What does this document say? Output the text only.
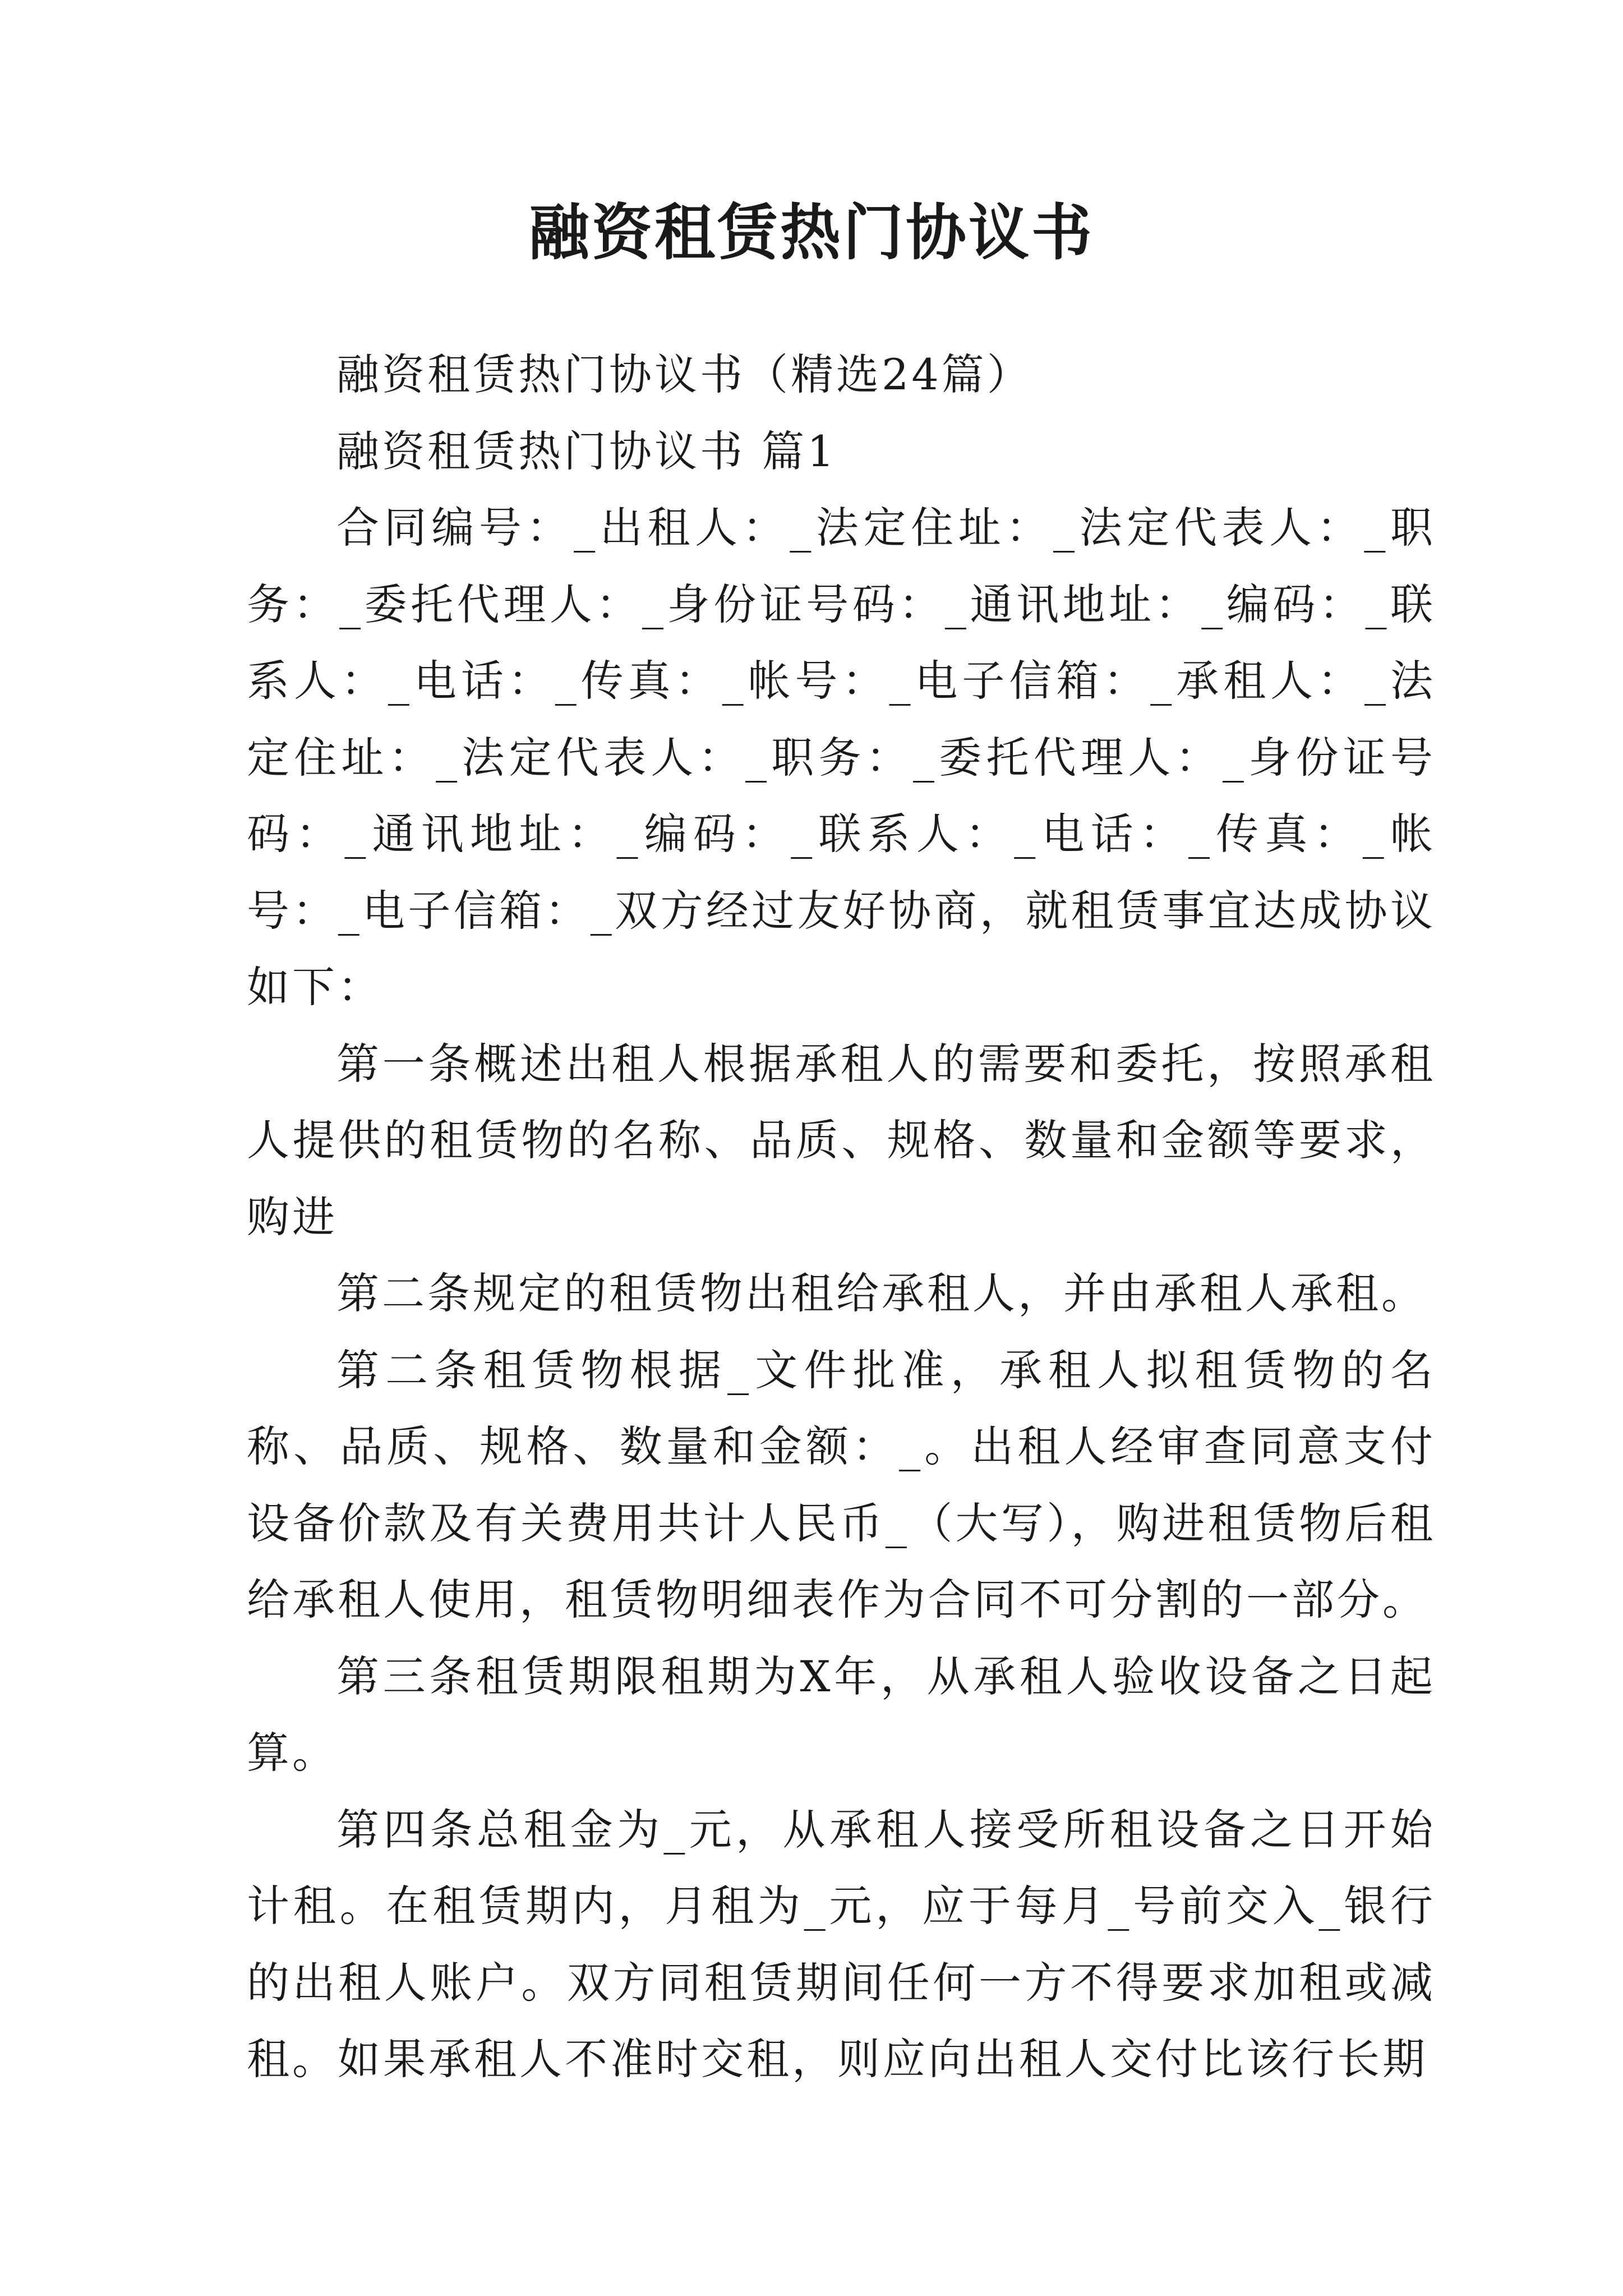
融资租赁热门协议书

融资租赁热门协议书（精选24篇）

融资租赁热门协议书 篇1

合同编号：_出租人：_法定住址：_法定代表人：_职务：_委托代理人：_身份证号码：_通讯地址：_编码：_联系人：_电话：_传真：_帐号：_电子信箱：_承租人：_法定住址：_法定代表人：_职务：_委托代理人：_身份证号码：_通讯地址：_编码：_联系人：_电话：_传真：_帐号：_电子信箱：_双方经过友好协商，就租赁事宜达成协议如下：

第一条概述出租人根据承租人的需要和委托，按照承租人提供的租赁物的名称、品质、规格、数量和金额等要求，购进

第二条规定的租赁物出租给承租人，并由承租人承租。

第二条租赁物根据_文件批准，承租人拟租赁物的名称、品质、规格、数量和金额：_。出租人经审查同意支付设备价款及有关费用共计人民币_（大写），购进租赁物后租给承租人使用，租赁物明细表作为合同不可分割的一部分。

第三条租赁期限租期为X年，从承租人验收设备之日起算。

第四条总租金为_元，从承租人接受所租设备之日开始计租。在租赁期内，月租为_元，应于每月_号前交入_银行的出租人账户。双方同租赁期间任何一方不得要求加租或减租。如果承租人不准时交租，则应向出租人交付比该行长期
